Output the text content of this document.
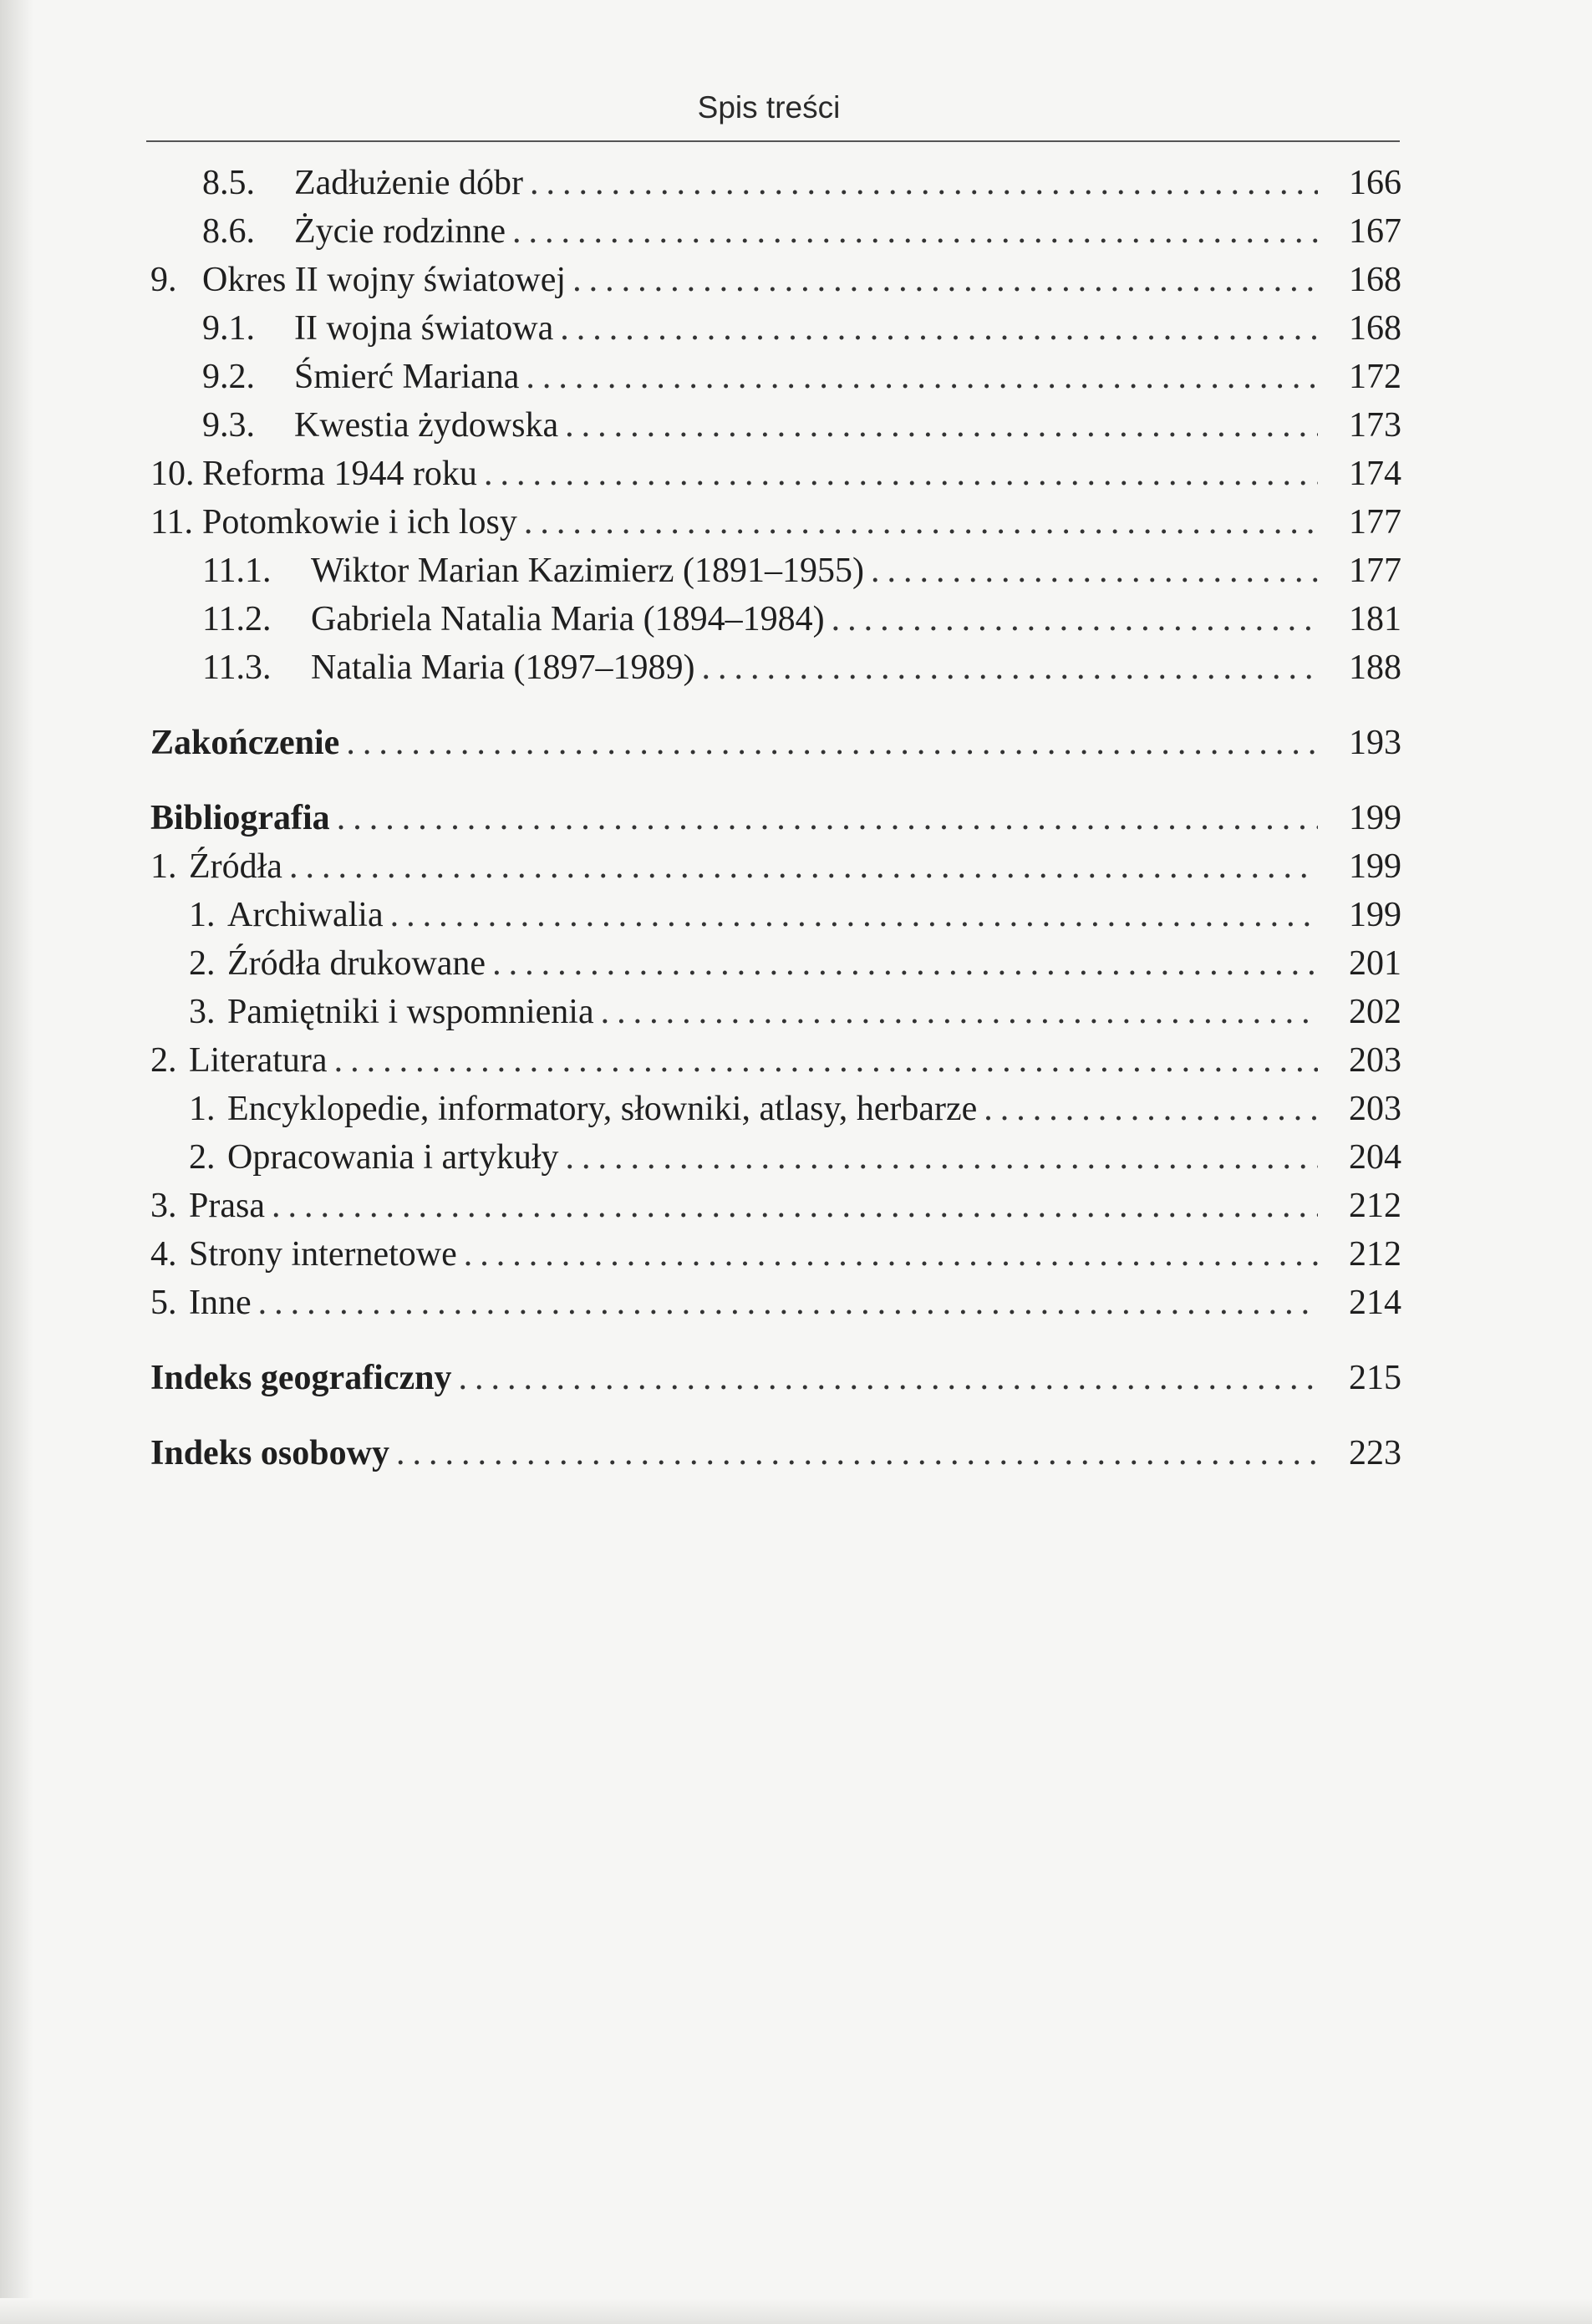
Spis treści
8.5.	Zadłużenie dóbr .....	166
8.6.	Życie rodzinne .....	167
9. Okres II wojny światowej .....	168
9.1.	II wojna światowa .....	168
9.2.	Śmierć Mariana .....	172
9.3.	Kwestia żydowska .....	173
10. Reforma 1944 roku .....	174
11. Potomkowie i ich losy .....	177
11.1.	Wiktor Marian Kazimierz (1891–1955) .....	177
11.2.	Gabriela Natalia Maria (1894–1984) .....	181
11.3.	Natalia Maria (1897–1989) .....	188
Zakończenie .....	193
Bibliografia .....	199
1. Źródła .....	199
1. Archiwalia .....	199
2. Źródła drukowane .....	201
3. Pamiętniki i wspomnienia .....	202
2. Literatura .....	203
1. Encyklopedie, informatory, słowniki, atlasy, herbarze .....	203
2. Opracowania i artykuły .....	204
3. Prasa .....	212
4. Strony internetowe .....	212
5. Inne .....	214
Indeks geograficzny .....	215
Indeks osobowy .....	223
